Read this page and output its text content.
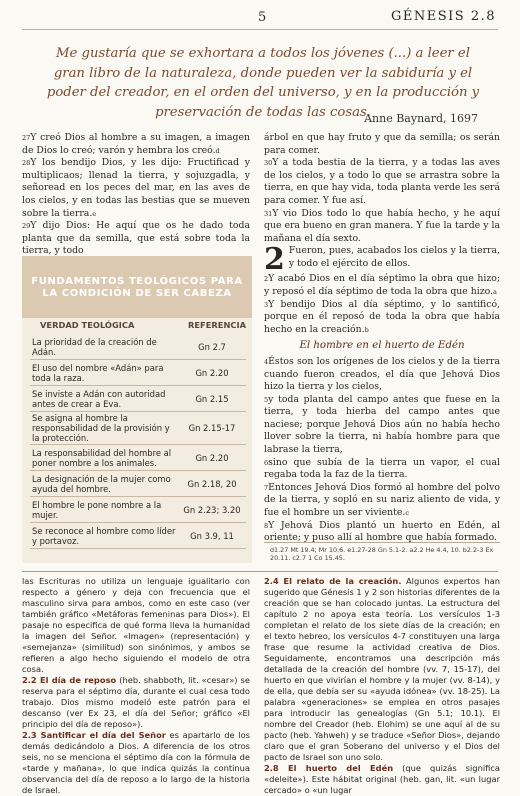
5	GÉNESIS 2.8
Me gustaría que se exhortara a todos los jóvenes (...) a leer el gran libro de la naturaleza, donde pueden ver la sabiduría y el poder del creador, en el orden del universo, y en la producción y preservación de todas las cosas.
Anne Baynard, 1697

$^{27}$Y creó Dios al hombre a su imagen, a imagen de Dios lo creó; varón y hembra los creó.$^d$

$^{28}$Y los bendijo Dios, y les dijo: Fructificad y multiplicaos; llenad la tierra, y sojuzgadla, y señoread en los peces del mar, en las aves de los cielos, y en todas las bestias que se mueven sobre la tierra.$^e$

$^{29}$Y dijo Dios: He aquí que os he dado toda planta que da semilla, que está sobre toda la tierra, y todo

FUNDAMENTOS TEOLÓGICOS PARA
LA CONDICIÓN DE SER CABEZA
VERDAD TEOLÓGICA	REFERENCIA
La prioridad de la creación de Adán.	Gn 2.7
El uso del nombre «Adán» para toda la raza.	Gn 2.20
Se inviste a Adán con autoridad antes de crear a Eva.	Gn 2.15
Se asigna al hombre la responsabilidad de la provisión y la protección.	Gn 2.15-17
La responsabilidad del hombre al poner nombre a los animales.	Gn 2.20
La designación de la mujer como ayuda del hombre.	Gn 2.18, 20
El hombre le pone nombre a la mujer.	Gn 2.23; 3.20
Se reconoce al hombre como líder y portavoz.	Gn 3.9, 11

árbol en que hay fruto y que da semilla; os serán para comer.

$^{30}$Y a toda bestia de la tierra, y a todas las aves de los cielos, y a todo lo que se arrastra sobre la tierra, en que hay vida, toda planta verde les será para comer. Y fue así.

$^{31}$Y vio Dios todo lo que había hecho, y he aquí que era bueno en gran manera. Y fue la tarde y la mañana el día sexto.

2 Fueron, pues, acabados los cielos y la tierra, y todo el ejército de ellos.

$^2$Y acabó Dios en el día séptimo la obra que hizo; y reposó el día séptimo de toda la obra que hizo.$^a$

$^3$Y bendijo Dios al día séptimo, y lo santificó, porque en él reposó de toda la obra que había hecho en la creación.$^b$

El hombre en el huerto de Edén

$^4$Éstos son los orígenes de los cielos y de la tierra cuando fueron creados, el día que Jehová Dios hizo la tierra y los cielos,

$^5$y toda planta del campo antes que fuese en la tierra, y toda hierba del campo antes que naciese; porque Jehová Dios aún no había hecho llover sobre la tierra, ni había hombre para que labrase la tierra,

$^6$sino que subía de la tierra un vapor, el cual regaba toda la faz de la tierra.

$^7$Entonces Jehová Dios formó al hombre del polvo de la tierra, y sopló en su nariz aliento de vida, y fue el hombre un ser viviente.$^c$

$^8$Y Jehová Dios plantó un huerto en Edén, al oriente; y puso allí al hombre que había formado.

d1.27 Mt 19.4; Mr 10.6. e1.27-28 Gn 5.1-2. a2.2 He 4.4, 10. b2.2-3 Ex 20.11. c2.7 1 Co 15.45.

las Escrituras no utiliza un lenguaje igualitario con respecto a género y deja con frecuencia que el masculino sirva para ambos, como en este caso (ver también gráfico «Metáforas femeninas para Dios»). El pasaje no especifica de qué forma lleva la humanidad la imagen del Señor. «Imagen» (representación) y «semejanza» (similitud) son sinónimos, y ambos se refieren a algo hecho siguiendo el modelo de otra cosa.

2.2 El día de reposo (heb. shabboth, lit. «cesar») se reserva para el séptimo día, durante el cual cesa todo trabajo. Dios mismo modeló este patrón para el descanso (ver Ex 23, el día del Señor; gráfico «El principio del día de reposo»).

2.3 Santificar el día del Señor es apartarlo de los demás dedicándolo a Dios. A diferencia de los otros seis, no se menciona el séptimo día con la fórmula de «tarde y mañana», lo que indica quizás la continua observancia del día de reposo a lo largo de la historia de Israel.

2.4 El relato de la creación. Algunos expertos han sugerido que Génesis 1 y 2 son historias diferentes de la creación que se han colocado juntas. La estructura del capítulo 2 no apoya esta teoría. Los versículos 1-3 completan el relato de los siete días de la creación; en el texto hebreo, los versículos 4-7 constituyen una larga frase que resume la actividad creativa de Dios. Seguidamente, encontramos una descripción más detallada de la creación del hombre (vv. 7, 15-17), del huerto en que vivirían el hombre y la mujer (vv. 8-14), y de ella, que debía ser su «ayuda idónea» (vv. 18-25). La palabra «generaciones» se emplea en otros pasajes para introducir las genealogías (Gn 5.1; 10.1). El nombre del Creador (heb. Elohim) se une aquí al de su pacto (heb. Yahweh) y se traduce «Señor Dios», dejando claro que el gran Soberano del universo y el Dios del pacto de Israel son uno solo.

2.8 El huerto del Edén (que quizás significa «deleite»). Este hábitat original (heb. gan, lit. «un lugar cercado» o «un lugar
